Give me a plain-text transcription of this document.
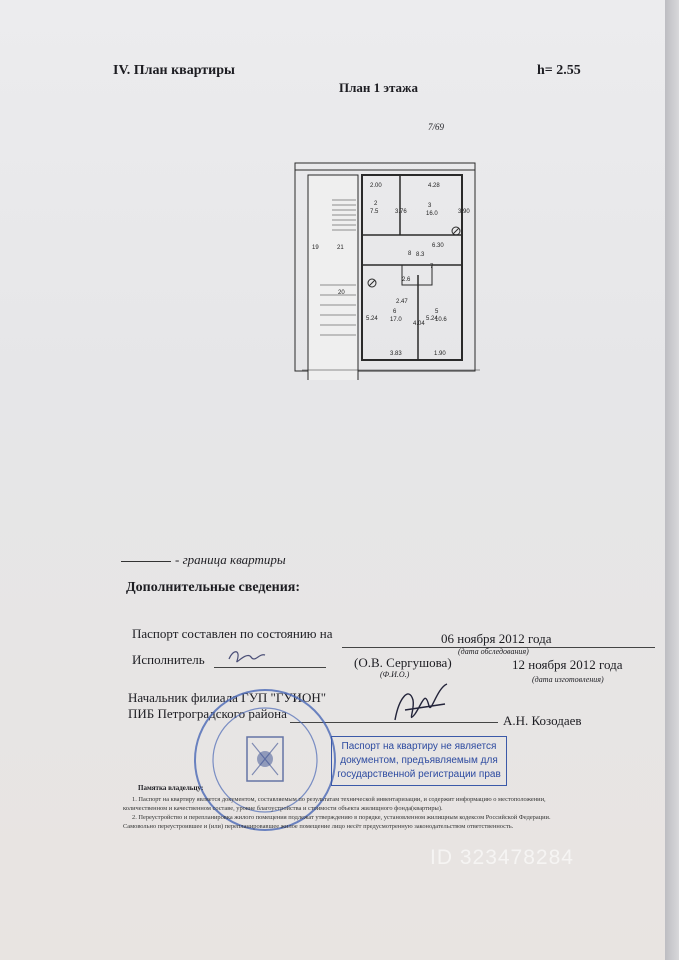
IV. План квартиры	h= 2.55
План 1 этажа
7/69
2.00	4.28
3.76	3.90
6.30
2.47
5.24
4.04
5.24
3.83	1.90
2.6
2	3
7
5
6
8
19	21
20
7.5	16.0
8.3
17.0	10.6
- граница квартиры
Дополнительные сведения:
Паспорт составлен по состоянию на	06 ноября 2012 года
(дата обследования)
Исполнитель	(О.В. Сергушова)
(Ф.И.О.)
12 ноября 2012 года
(дата изготовления)
Начальник филиала ГУП "ГУИОН"
ПИБ Петроградского района	А.Н. Козодаев
Паспорт на квартиру не является
документом, предъявляемым для
государственной регистрации прав
Памятка владельцу:
1. Паспорт на квартиру является документом, составляемым по результатам технической инвентаризации, и содержит информацию о местоположении,
количественном и качественном составе, уровне благоустройства и стоимости объекта жилищного фонда(квартиры).
2. Переустройство и перепланировка жилого помещения подлежат утверждению в порядке, установленном жилищным кодексом Российской Федерации.
Самовольно переустроившее и (или) перепланировавшее жилое помещение лицо несёт предусмотренную законодательством ответственность.
ID 323478284
